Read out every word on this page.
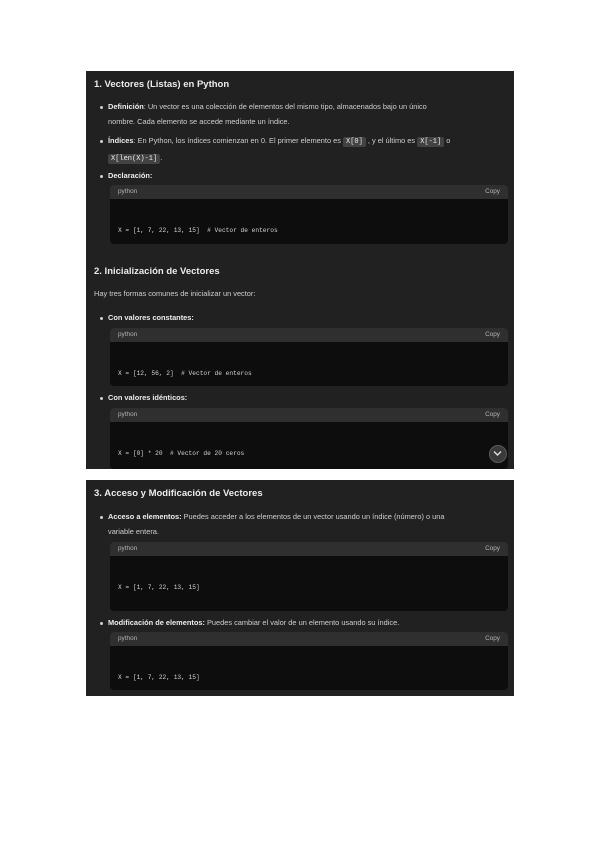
1. Vectores (Listas) en Python
Definición: Un vector es una colección de elementos del mismo tipo, almacenados bajo un único
nombre. Cada elemento se accede mediante un índice.
Índices: En Python, los índices comienzan en 0. El primer elemento es X[0] , y el último es X[-1] o
X[len(X)-1] .
Declaración:
python	Copy

X = [1, 7, 22, 13, 15]  # Vector de enteros

2. Inicialización de Vectores
Hay tres formas comunes de inicializar un vector:
Con valores constantes:
python	Copy

X = [12, 56, 2]  # Vector de enteros

Con valores idénticos:
python	Copy

X = [0] * 20  # Vector de 20 ceros

3. Acceso y Modificación de Vectores
Acceso a elementos: Puedes acceder a los elementos de un vector usando un índice (número) o una
variable entera.
python	Copy

X = [1, 7, 22, 13, 15]

Modificación de elementos: Puedes cambiar el valor de un elemento usando su índice.
python	Copy

X = [1, 7, 22, 13, 15]
